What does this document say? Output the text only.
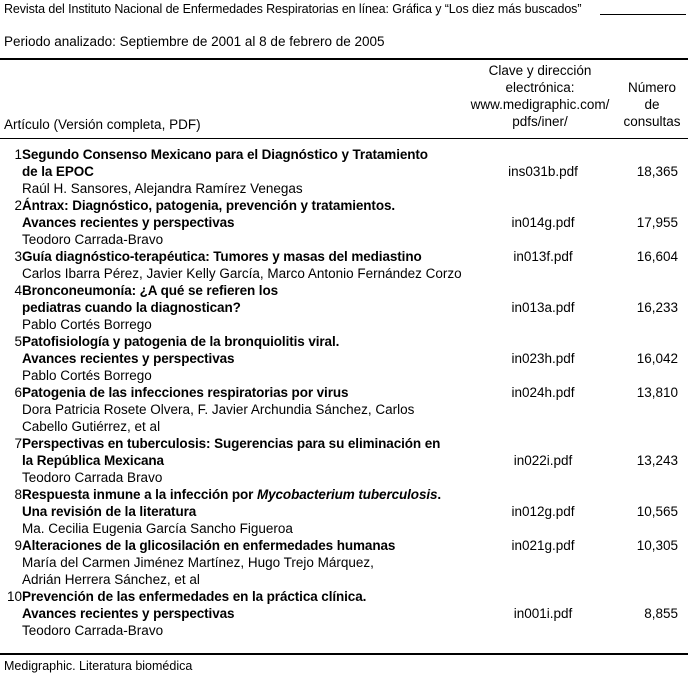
Revista del Instituto Nacional de Enfermedades Respiratorias en línea: Gráfica y “Los diez más buscados”
Periodo analizado: Septiembre de 2001 al 8 de febrero de 2005
Artículo (Versión completa, PDF)
Clave y dirección
electrónica:
www.medigraphic.com/
pdfs/iner/
Número
de
consultas
1 Segundo Consenso Mexicano para el Diagnóstico y Tratamiento
de la EPOC
Raúl H. Sansores, Alejandra Ramírez Venegas
ins031b.pdf	18,365
2 Ántrax: Diagnóstico, patogenia, prevención y tratamientos.
Avances recientes y perspectivas
Teodoro Carrada-Bravo
in014g.pdf	17,955
3 Guía diagnóstico-terapéutica: Tumores y masas del mediastino
Carlos Ibarra Pérez, Javier Kelly García, Marco Antonio Fernández Corzo
in013f.pdf	16,604
4 Bronconeumonía: ¿A qué se refieren los
pediatras cuando la diagnostican?
Pablo Cortés Borrego
in013a.pdf	16,233
5 Patofisiología y patogenia de la bronquiolitis viral.
Avances recientes y perspectivas
Pablo Cortés Borrego
in023h.pdf	16,042
6 Patogenia de las infecciones respiratorias por virus
Dora Patricia Rosete Olvera, F. Javier Archundia Sánchez, Carlos
Cabello Gutiérrez, et al
in024h.pdf	13,810
7 Perspectivas en tuberculosis: Sugerencias para su eliminación en
la República Mexicana
Teodoro Carrada Bravo
in022i.pdf	13,243
8 Respuesta inmune a la infección por Mycobacterium tuberculosis.
Una revisión de la literatura
Ma. Cecilia Eugenia García Sancho Figueroa
in012g.pdf	10,565
9 Alteraciones de la glicosilación en enfermedades humanas
María del Carmen Jiménez Martínez, Hugo Trejo Márquez,
Adrián Herrera Sánchez, et al
in021g.pdf	10,305
10 Prevención de las enfermedades en la práctica clínica.
Avances recientes y perspectivas
Teodoro Carrada-Bravo
in001i.pdf	8,855
Medigraphic. Literatura biomédica
